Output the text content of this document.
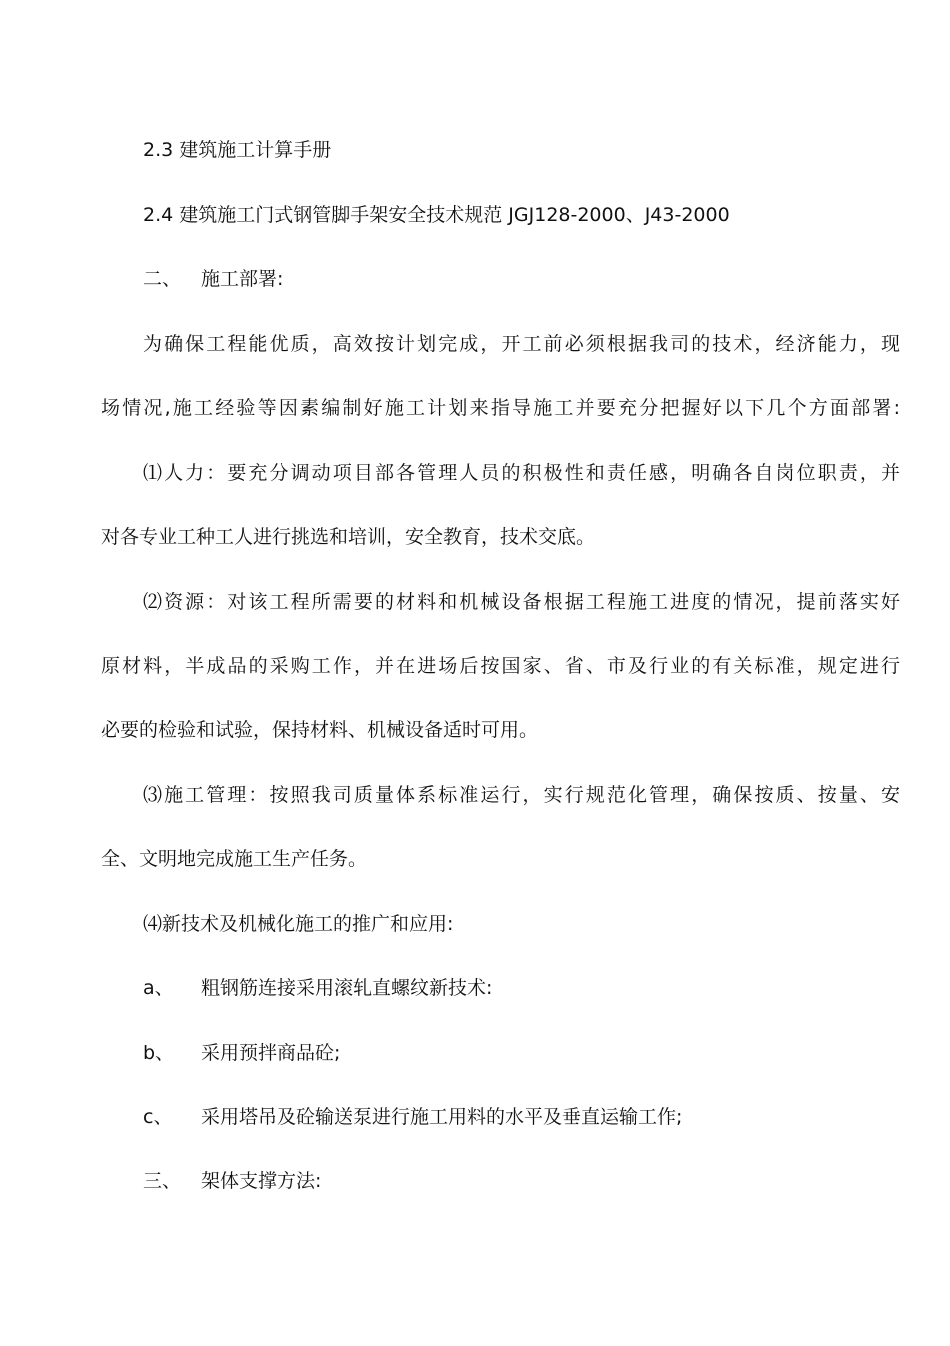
2.3 建筑施工计算手册
2.4 建筑施工门式钢管脚手架安全技术规范 JGJ128-2000、J43-2000
二、 施工部署:
为确保工程能优质，高效按计划完成，开工前必须根据我司的技术，经济能力，现
场情况,施工经验等因素编制好施工计划来指导施工并要充分把握好以下几个方面部署:
⑴人力：要充分调动项目部各管理人员的积极性和责任感，明确各自岗位职责，并
对各专业工种工人进行挑选和培训，安全教育，技术交底。
⑵资源：对该工程所需要的材料和机械设备根据工程施工进度的情况，提前落实好
原材料，半成品的采购工作，并在进场后按国家、省、市及行业的有关标准，规定进行
必要的检验和试验，保持材料、机械设备适时可用。
⑶施工管理：按照我司质量体系标准运行，实行规范化管理，确保按质、按量、安
全、文明地完成施工生产任务。
⑷新技术及机械化施工的推广和应用:
a、 粗钢筋连接采用滚轧直螺纹新技术:
b、 采用预拌商品砼;
c、 采用塔吊及砼输送泵进行施工用料的水平及垂直运输工作;
三、 架体支撑方法:
